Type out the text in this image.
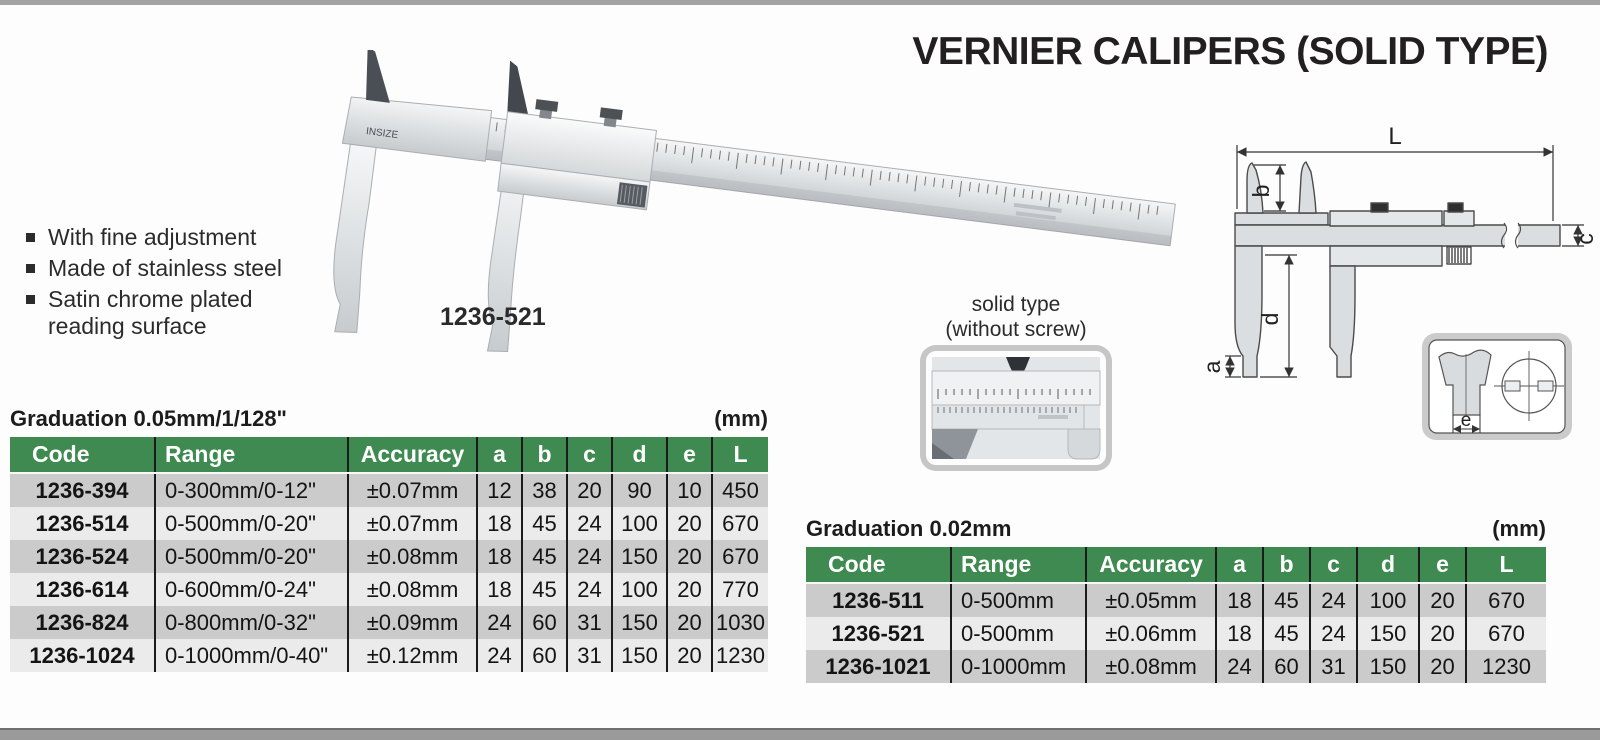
VERNIER CALIPERS (SOLID TYPE)
With fine adjustment
Made of stainless steel
Satin chrome plated reading surface
INSIZE
1236-521	solid type
(without screw)
L
b
c
d
a
e
Graduation 0.05mm/1/128"	(mm)
Code	Range	Accuracy	a	b	c	d	e	L
1236-394	0-300mm/0-12"	±0.07mm	12	38	20	90	10	450
1236-514	0-500mm/0-20"	±0.07mm	18	45	24	100	20	670
1236-524	0-500mm/0-20"	±0.08mm	18	45	24	150	20	670
1236-614	0-600mm/0-24"	±0.08mm	18	45	24	100	20	770
1236-824	0-800mm/0-32"	±0.09mm	24	60	31	150	20	1030
1236-1024	0-1000mm/0-40"	±0.12mm	24	60	31	150	20	1230
Graduation 0.02mm	(mm)
Code	Range	Accuracy	a	b	c	d	e	L
1236-511	0-500mm	±0.05mm	18	45	24	100	20	670
1236-521	0-500mm	±0.06mm	18	45	24	150	20	670
1236-1021	0-1000mm	±0.08mm	24	60	31	150	20	1230
